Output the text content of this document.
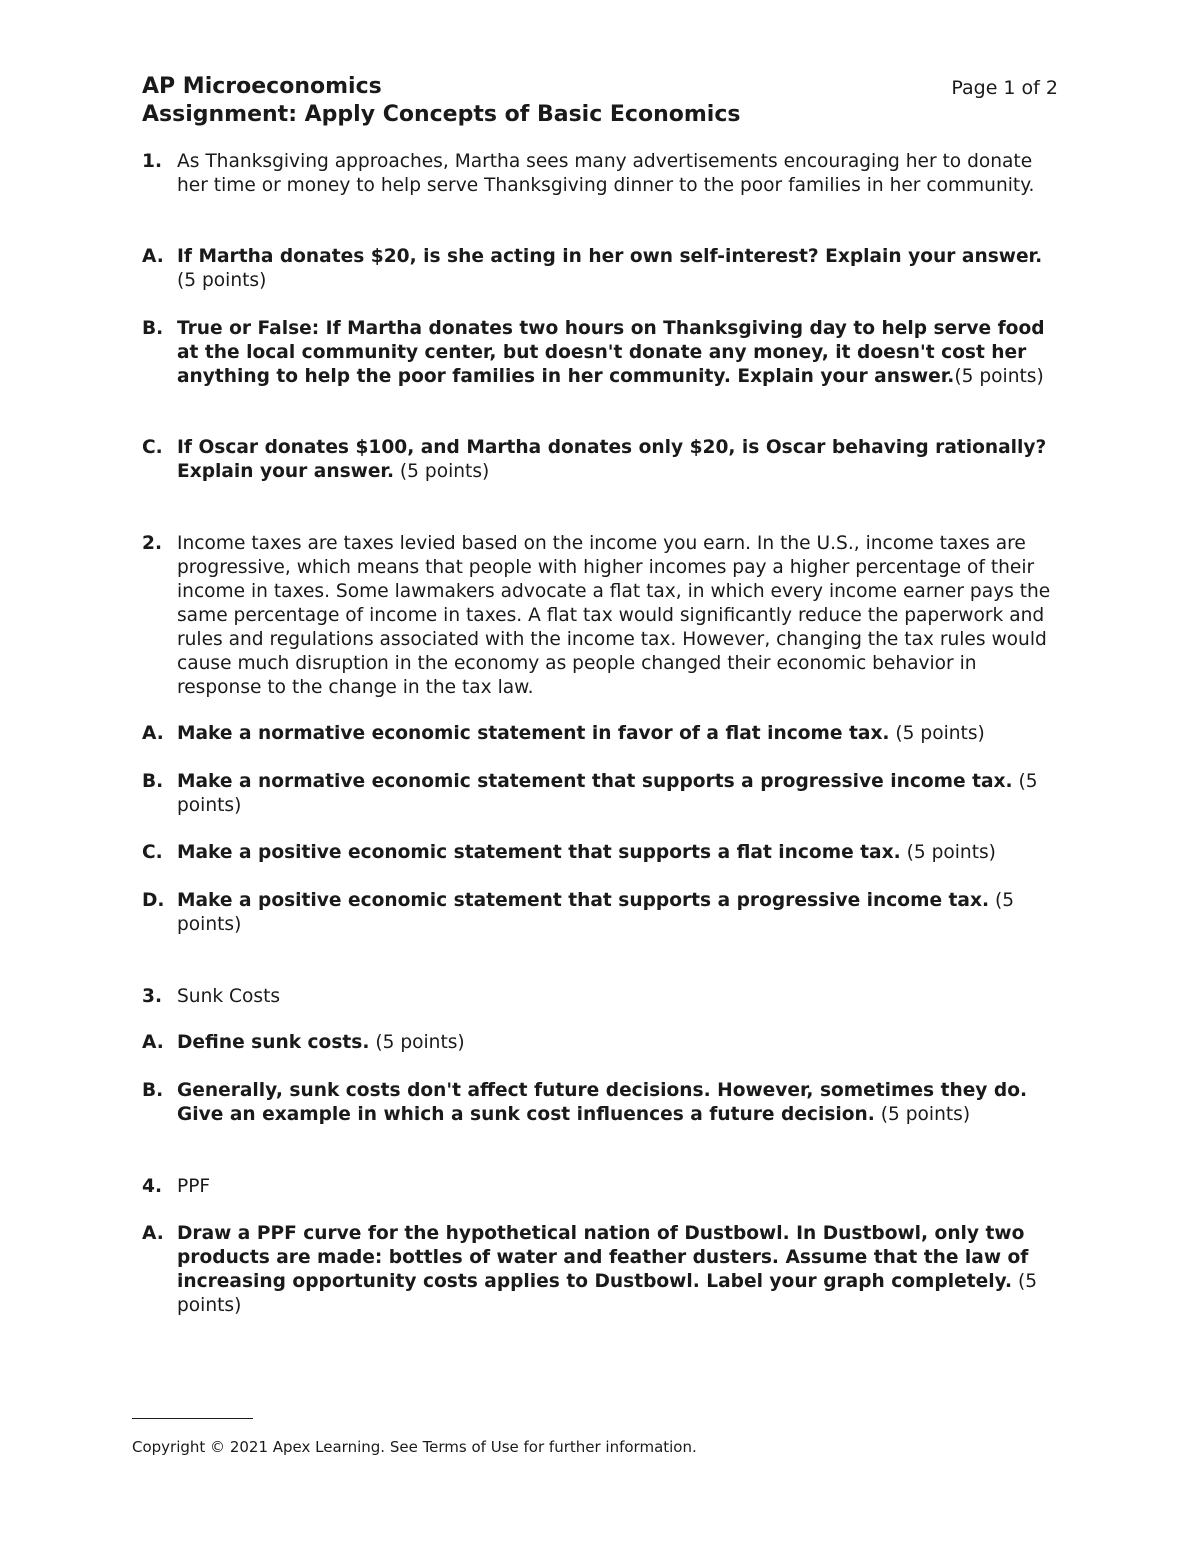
AP Microeconomics	Page 1 of 2
Assignment: Apply Concepts of Basic Economics
1. As Thanksgiving approaches, Martha sees many advertisements encouraging her to donate her time or money to help serve Thanksgiving dinner to the poor families in her community.
A. If Martha donates $20, is she acting in her own self-interest? Explain your answer.(5 points)
B. True or False: If Martha donates two hours on Thanksgiving day to help serve food at the local community center, but doesn't donate any money, it doesn't cost her anything to help the poor families in her community. Explain your answer.(5 points)
C. If Oscar donates $100, and Martha donates only $20, is Oscar behaving rationally? Explain your answer. (5 points)
2. Income taxes are taxes levied based on the income you earn. In the U.S., income taxes are progressive, which means that people with higher incomes pay a higher percentage of their income in taxes. Some lawmakers advocate a flat tax, in which every income earner pays the same percentage of income in taxes. A flat tax would significantly reduce the paperwork and rules and regulations associated with the income tax. However, changing the tax rules would cause much disruption in the economy as people changed their economic behavior in response to the change in the tax law.
A. Make a normative economic statement in favor of a flat income tax. (5 points)
B. Make a normative economic statement that supports a progressive income tax. (5 points)
C. Make a positive economic statement that supports a flat income tax. (5 points)
D. Make a positive economic statement that supports a progressive income tax. (5 points)
3. Sunk Costs
A. Define sunk costs. (5 points)
B. Generally, sunk costs don't affect future decisions. However, sometimes they do. Give an example in which a sunk cost influences a future decision. (5 points)
4. PPF
A. Draw a PPF curve for the hypothetical nation of Dustbowl. In Dustbowl, only two products are made: bottles of water and feather dusters. Assume that the law of increasing opportunity costs applies to Dustbowl. Label your graph completely. (5 points)
Copyright © 2021 Apex Learning. See Terms of Use for further information.
